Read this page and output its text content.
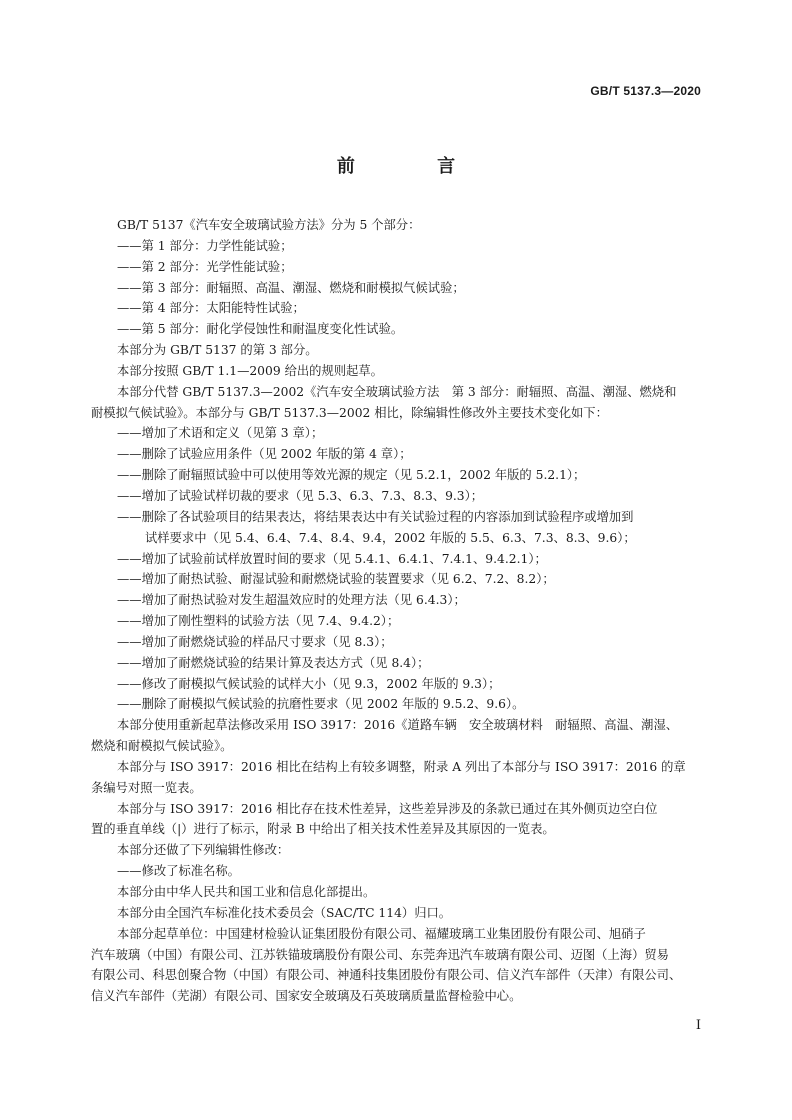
GB/T 5137.3—2020
前 言

GB/T 5137《汽车安全玻璃试验方法》分为 5 个部分：

——第 1 部分：力学性能试验；

——第 2 部分：光学性能试验；

——第 3 部分：耐辐照、高温、潮湿、燃烧和耐模拟气候试验；

——第 4 部分：太阳能特性试验；

——第 5 部分：耐化学侵蚀性和耐温度变化性试验。

本部分为 GB/T 5137 的第 3 部分。

本部分按照 GB/T 1.1—2009 给出的规则起草。

本部分代替 GB/T 5137.3—2002《汽车安全玻璃试验方法　第 3 部分：耐辐照、高温、潮湿、燃烧和

耐模拟气候试验》。本部分与 GB/T 5137.3—2002 相比，除编辑性修改外主要技术变化如下：

——增加了术语和定义（见第 3 章）；

——删除了试验应用条件（见 2002 年版的第 4 章）；

——删除了耐辐照试验中可以使用等效光源的规定（见 5.2.1，2002 年版的 5.2.1）；

——增加了试验试样切裁的要求（见 5.3、6.3、7.3、8.3、9.3）；

——删除了各试验项目的结果表达，将结果表达中有关试验过程的内容添加到试验程序或增加到

试样要求中（见 5.4、6.4、7.4、8.4、9.4，2002 年版的 5.5、6.3、7.3、8.3、9.6）；

——增加了试验前试样放置时间的要求（见 5.4.1、6.4.1、7.4.1、9.4.2.1）；

——增加了耐热试验、耐湿试验和耐燃烧试验的装置要求（见 6.2、7.2、8.2）；

——增加了耐热试验对发生超温效应时的处理方法（见 6.4.3）；

——增加了刚性塑料的试验方法（见 7.4、9.4.2）；

——增加了耐燃烧试验的样品尺寸要求（见 8.3）；

——增加了耐燃烧试验的结果计算及表达方式（见 8.4）；

——修改了耐模拟气候试验的试样大小（见 9.3，2002 年版的 9.3）；

——删除了耐模拟气候试验的抗磨性要求（见 2002 年版的 9.5.2、9.6）。

本部分使用重新起草法修改采用 ISO 3917：2016《道路车辆　安全玻璃材料　耐辐照、高温、潮湿、

燃烧和耐模拟气候试验》。

本部分与 ISO 3917：2016 相比在结构上有较多调整，附录 A 列出了本部分与 ISO 3917：2016 的章

条编号对照一览表。

本部分与 ISO 3917：2016 相比存在技术性差异，这些差异涉及的条款已通过在其外侧页边空白位

置的垂直单线（|）进行了标示，附录 B 中给出了相关技术性差异及其原因的一览表。

本部分还做了下列编辑性修改：

——修改了标准名称。

本部分由中华人民共和国工业和信息化部提出。

本部分由全国汽车标准化技术委员会（SAC/TC 114）归口。

本部分起草单位：中国建材检验认证集团股份有限公司、福耀玻璃工业集团股份有限公司、旭硝子

汽车玻璃（中国）有限公司、江苏铁锚玻璃股份有限公司、东莞奔迅汽车玻璃有限公司、迈图（上海）贸易

有限公司、科思创聚合物（中国）有限公司、神通科技集团股份有限公司、信义汽车部件（天津）有限公司、

信义汽车部件（芜湖）有限公司、国家安全玻璃及石英玻璃质量监督检验中心。

I
